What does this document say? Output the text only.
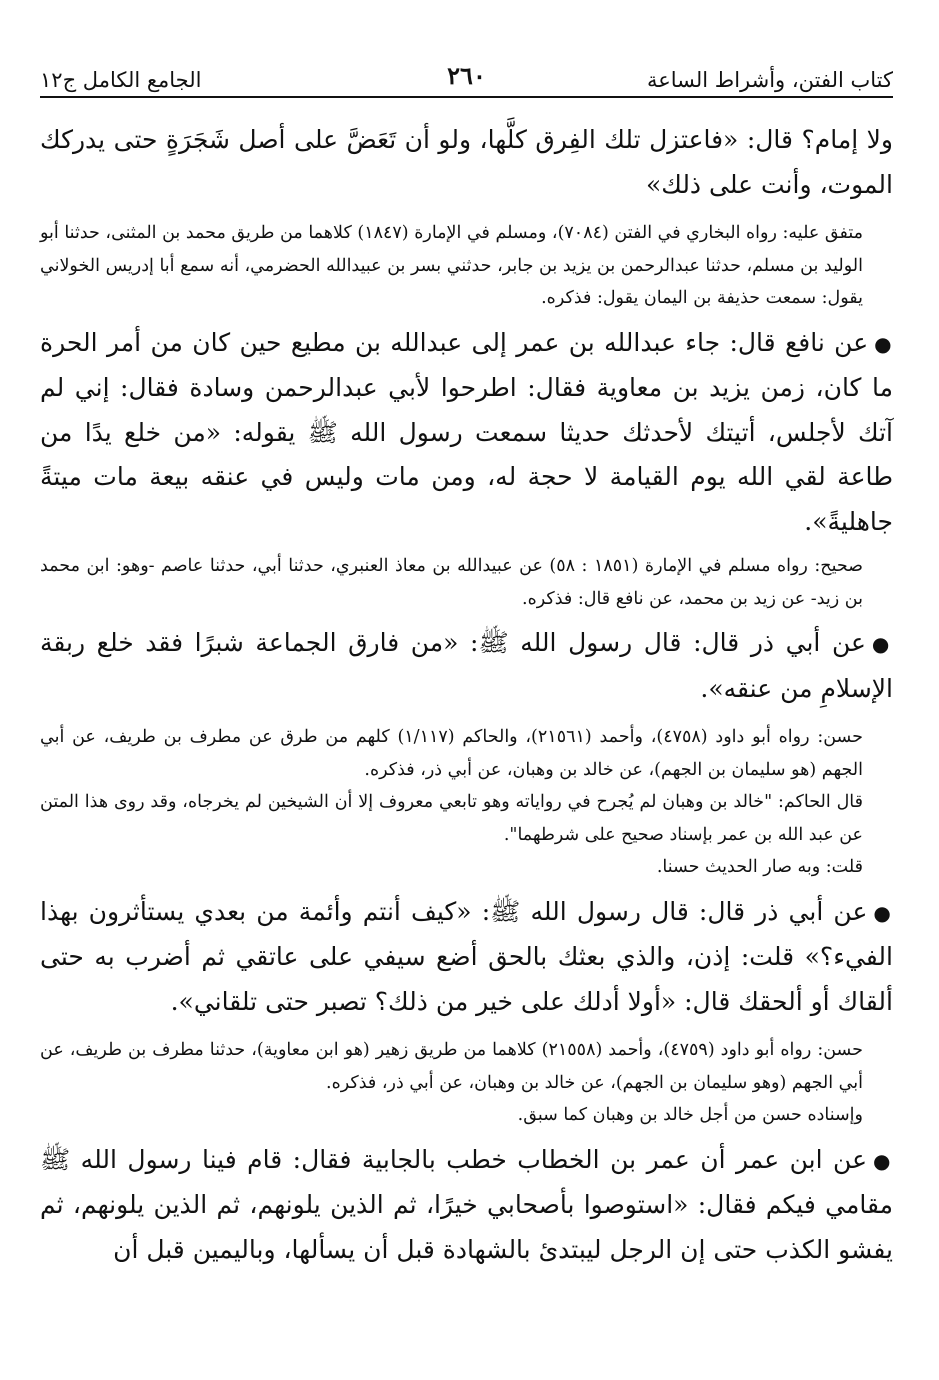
الجامع الكامل ج١٢	٢٦٠	كتاب الفتن، وأشراط الساعة

ولا إمام؟ قال: «فاعتزل تلك الفِرق كلَّها، ولو أن تَعَضَّ على أصل شَجَرَةٍ حتى يدركك الموت، وأنت على ذلك»

متفق عليه: رواه البخاري في الفتن (٧٠٨٤)، ومسلم في الإمارة (١٨٤٧) كلاهما من طريق محمد بن المثنى، حدثنا أبو الوليد بن مسلم، حدثنا عبدالرحمن بن يزيد بن جابر، حدثني بسر بن عبيدالله الحضرمي، أنه سمع أبا إدريس الخولاني يقول: سمعت حذيفة بن اليمان يقول: فذكره.

●عن نافع قال: جاء عبدالله بن عمر إلى عبدالله بن مطيع حين كان من أمر الحرة ما كان، زمن يزيد بن معاوية فقال: اطرحوا لأبي عبدالرحمن وسادة فقال: إني لم آتك لأجلس، أتيتك لأحدثك حديثا سمعت رسول الله ﷺ يقوله: «من خلع يدًا من طاعة لقي الله يوم القيامة لا حجة له، ومن مات وليس في عنقه بيعة مات ميتةً جاهليةً».

صحيح: رواه مسلم في الإمارة (١٨٥١ : ٥٨) عن عبيدالله بن معاذ العنبري، حدثنا أبي، حدثنا عاصم -وهو: ابن محمد بن زيد- عن زيد بن محمد، عن نافع قال: فذكره.

●عن أبي ذر قال: قال رسول الله ﷺ: «من فارق الجماعة شبرًا فقد خلع ربقة الإسلامِ من عنقه».

حسن: رواه أبو داود (٤٧٥٨)، وأحمد (٢١٥٦١)، والحاكم (١/١١٧) كلهم من طرق عن مطرف بن طريف، عن أبي الجهم (هو سليمان بن الجهم)، عن خالد بن وهبان، عن أبي ذر، فذكره.

قال الحاكم: "خالد بن وهبان لم يُجرح في رواياته وهو تابعي معروف إلا أن الشيخين لم يخرجاه، وقد روى هذا المتن عن عبد الله بن عمر بإسناد صحيح على شرطهما".

قلت: وبه صار الحديث حسنا.

●عن أبي ذر قال: قال رسول الله ﷺ: «كيف أنتم وأئمة من بعدي يستأثرون بهذا الفيء؟» قلت: إذن، والذي بعثك بالحق أضع سيفي على عاتقي ثم أضرب به حتى ألقاك أو ألحقك قال: «أولا أدلك على خير من ذلك؟ تصبر حتى تلقاني».

حسن: رواه أبو داود (٤٧٥٩)، وأحمد (٢١٥٥٨) كلاهما من طريق زهير (هو ابن معاوية)، حدثنا مطرف بن طريف، عن أبي الجهم (وهو سليمان بن الجهم)، عن خالد بن وهبان، عن أبي ذر، فذكره.

وإسناده حسن من أجل خالد بن وهبان كما سبق.

●عن ابن عمر أن عمر بن الخطاب خطب بالجابية فقال: قام فينا رسول الله ﷺ مقامي فيكم فقال: «استوصوا بأصحابي خيرًا، ثم الذين يلونهم، ثم الذين يلونهم، ثم يفشو الكذب حتى إن الرجل ليبتدئ بالشهادة قبل أن يسألها، وباليمين قبل أن
